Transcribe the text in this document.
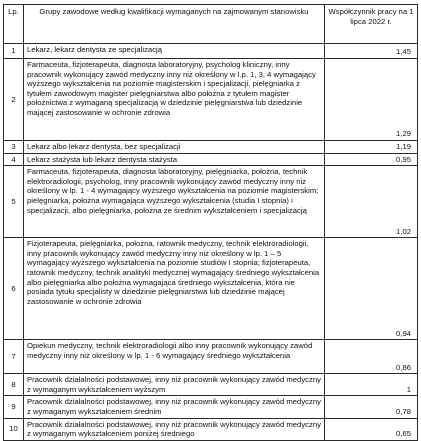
Lp.	Grupy zawodowe według kwalifikacji wymaganych na zajmowanym stanowisku	Współczynnik pracy na 1 lipca 2022 r.
1	Lekarz, lekarz dentysta ze specjalizacją	1,45
2	Farmaceuta, fizjoterapeuta, diagnosta laboratoryjny, psycholog kliniczny, inny pracownik wykonujący zawód medyczny inny niż określony w l.p. 1, 3, 4 wymagający wyższego wykształcenia na poziomie magisterskim i specjalizacji, pielęgniarka z tytułem zawodowym magister pielęgniarstwa albo położna z tytułem magister położnictwa z wymaganą specjalizacją w dziedzinie pielęgniarstwa lub dziedzinie mającej zastosowanie w ochronie zdrowia	1,29
3	Lekarz albo lekarz dentysta, bez specjalizacji	1,19
4	Lekarz stażysta lub lekarz dentysta stażysta	0,95
5	Farmaceuta, fizjoterapeuta, diagnosta laboratoryjny, pielęgniarka, położna, technik elektroradiologii, psycholog, inny pracownik wykonujący zawód medyczny inny niż określony w lp. 1 - 4 wymagający wyższego wykształcenia na poziomie magisterskim; pielęgniarka, położna wymagająca wyższego wykształcenia (studia I stopnia) i specjalizacji, albo pielęgniarka, położna ze średnim wykształceniem i specjalizacją	1,02
6	Fizjoterapeuta, pielęgniarka, położna, ratownik medyczny, technik elektroradiologii, inny pracownik wykonujący zawód medyczny inny niż określony w lp. 1 – 5 wymagający wyższego wykształcenia na poziomie studiów I stopnia; fizjoterapeuta, ratownik medyczny, technik analityki medycznej wymagający średniego wykształcenia albo pielęgniarka albo położna wymagająca średniego wykształcenia, która nie posiada tytułu specjalisty w dziedzinie pielęgniarstwa lub dziedzinie mającej zastosowanie w ochronie zdrowia	0,94
7	Opiekun medyczny, technik elektroradiologii albo inny pracownik wykonujący zawód medyczny inny niż określony w lp. 1 - 6 wymagający średniego wykształcenia	0,86
8	Pracownik działalności podstawowej, inny niż pracownik wykonujący zawód medyczny z wymaganym wykształceniem wyższym	1
9	Pracownik działalności podstawowej, inny niż pracownik wykonujący zawód medyczny z wymaganym wykształceniem średnim	0,78
10	Pracownik działalności podstawowej, inny niż pracownik wykonujący zawód medyczny z wymaganym wykształceniem poniżej średniego	0,65
